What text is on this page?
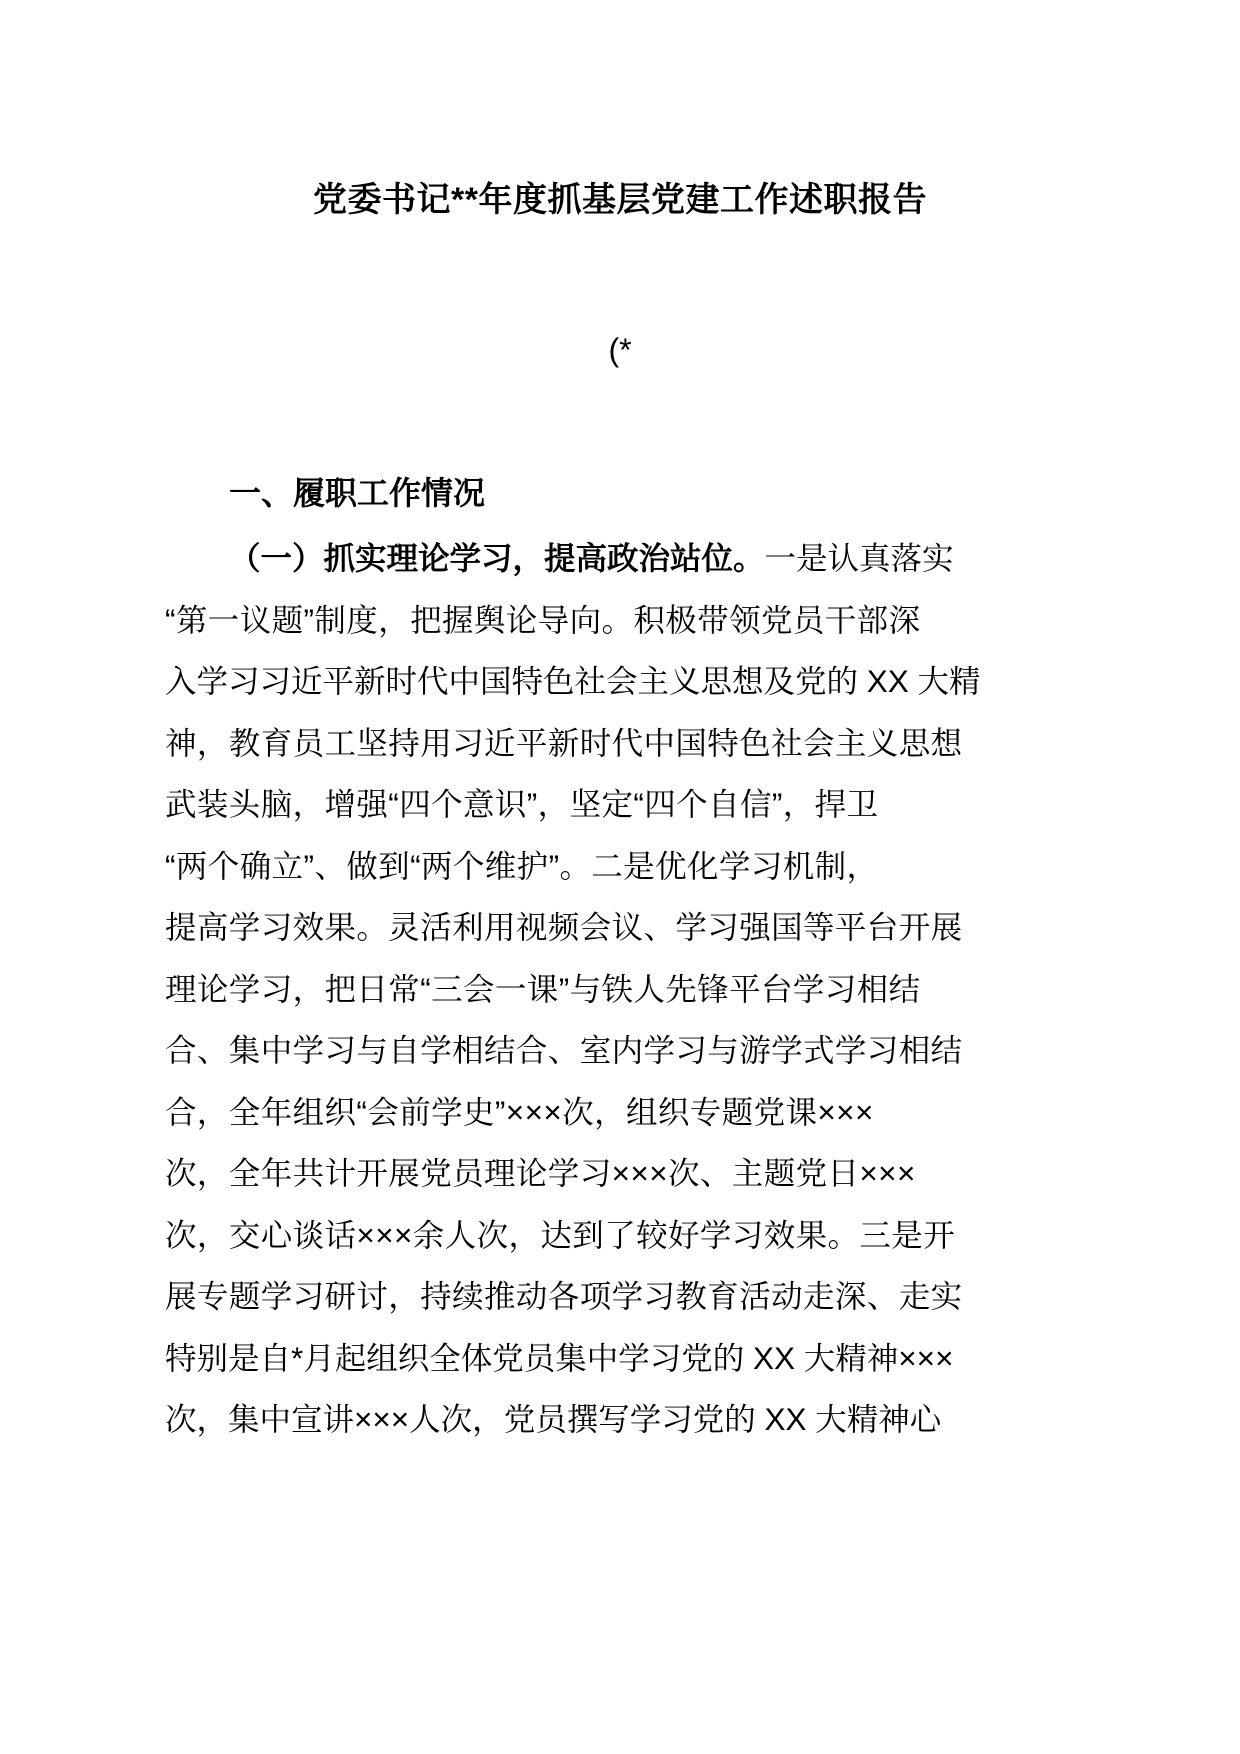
党委书记**年度抓基层党建工作述职报告
(*
一、履职工作情况
（一）抓实理论学习，提高政治站位。一是认真落实
“第一议题”制度，把握舆论导向。积极带领党员干部深
入学习习近平新时代中国特色社会主义思想及党的 XX 大精
神，教育员工坚持用习近平新时代中国特色社会主义思想
武装头脑，增强“四个意识”，坚定“四个自信”，捍卫
“两个确立”、做到“两个维护”。二是优化学习机制，
提高学习效果。灵活利用视频会议、学习强国等平台开展
理论学习，把日常“三会一课”与铁人先锋平台学习相结
合、集中学习与自学相结合、室内学习与游学式学习相结
合，全年组织“会前学史”×××次，组织专题党课×××
次，全年共计开展党员理论学习×××次、主题党日×××
次，交心谈话×××余人次，达到了较好学习效果。三是开
展专题学习研讨，持续推动各项学习教育活动走深、走实
特别是自*月起组织全体党员集中学习党的 XX 大精神×××
次，集中宣讲×××人次，党员撰写学习党的 XX 大精神心
